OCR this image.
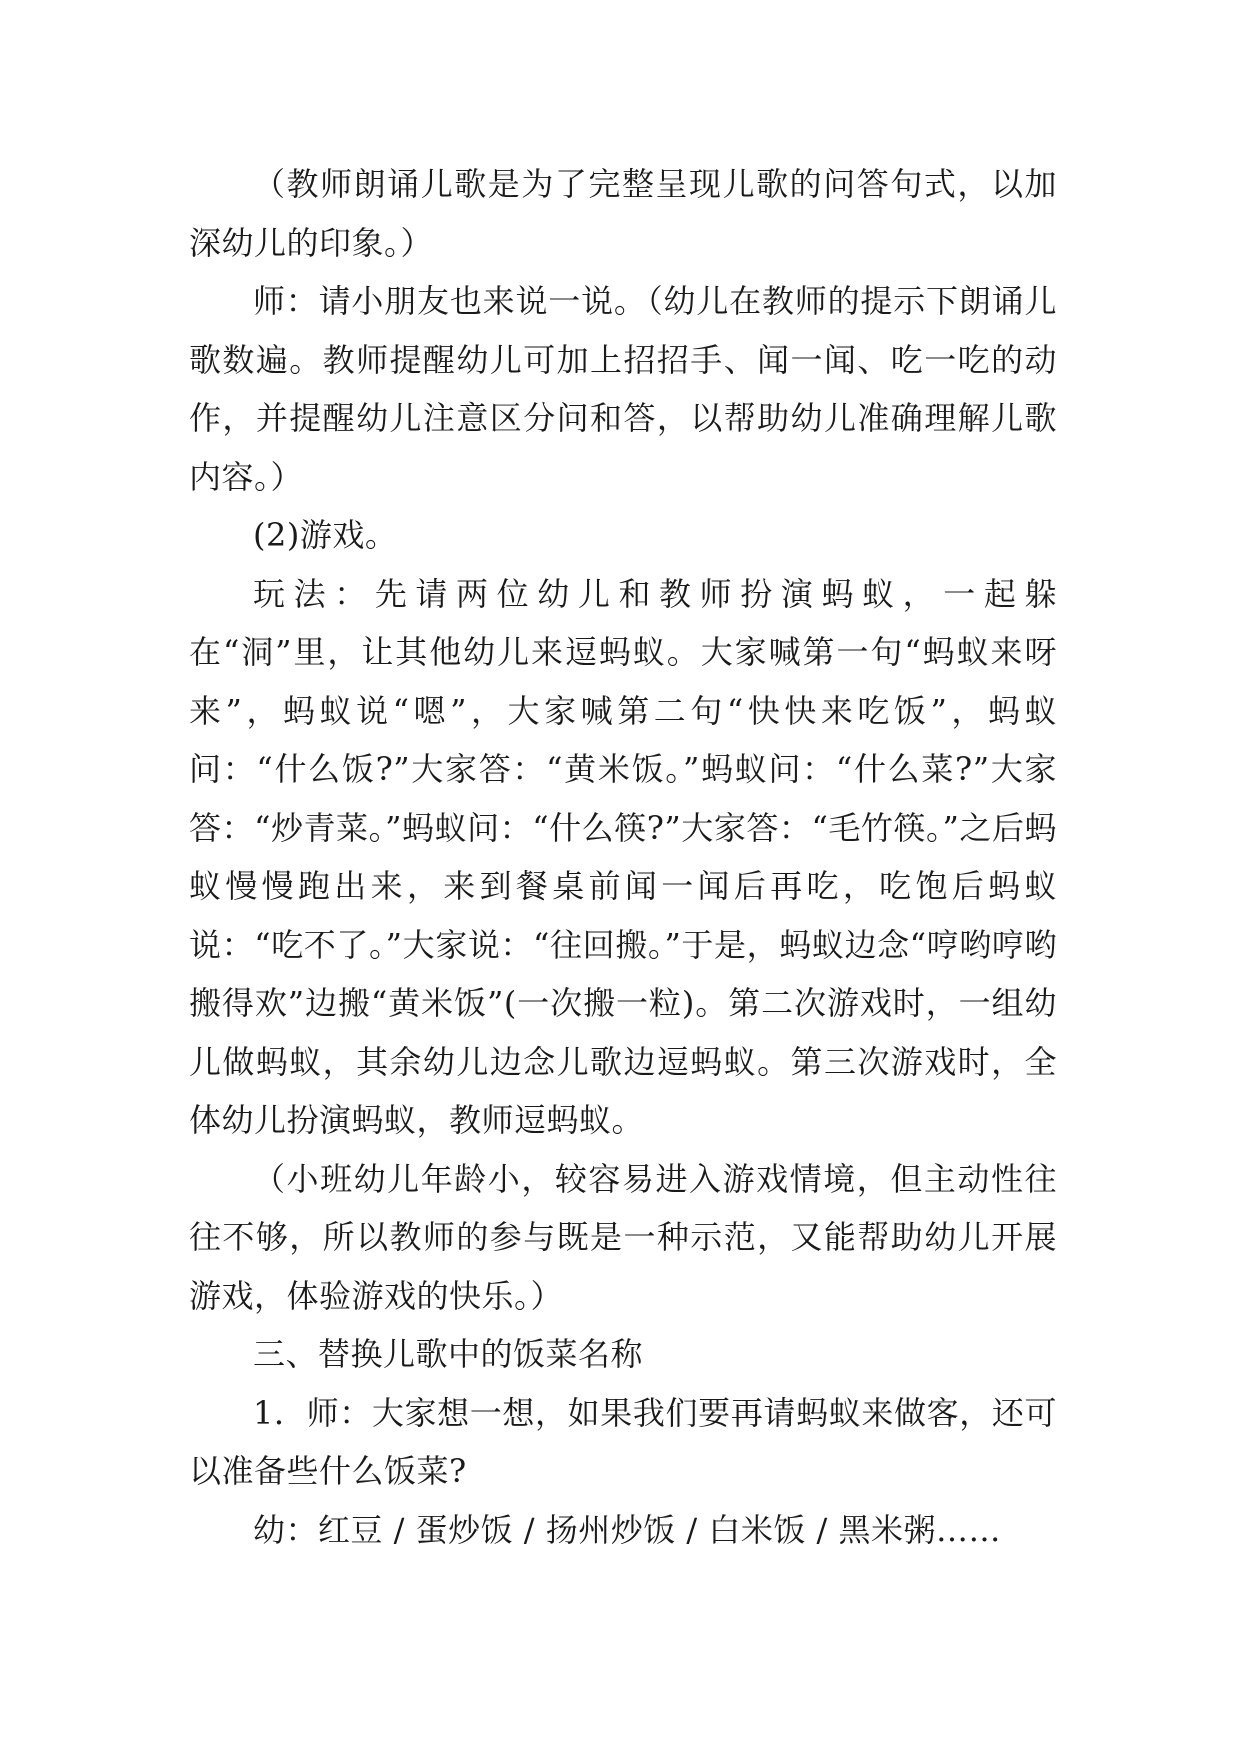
（教师朗诵儿歌是为了完整呈现儿歌的问答句式，以加深幼儿的印象。）

师：请小朋友也来说一说。（幼儿在教师的提示下朗诵儿歌数遍。教师提醒幼儿可加上招招手、闻一闻、吃一吃的动作，并提醒幼儿注意区分问和答，以帮助幼儿准确理解儿歌内容。）

(2)游戏。

玩法：先请两位幼儿和教师扮演蚂蚁，一起躲在“洞”里，让其他幼儿来逗蚂蚁。大家喊第一句“蚂蚁来呀来”，蚂蚁说“嗯”，大家喊第二句“快快来吃饭”，蚂蚁问：“什么饭?”大家答：“黄米饭。”蚂蚁问：“什么菜?”大家答：“炒青菜。”蚂蚁问：“什么筷?”大家答：“毛竹筷。”之后蚂蚁慢慢跑出来，来到餐桌前闻一闻后再吃，吃饱后蚂蚁说：“吃不了。”大家说：“往回搬。”于是，蚂蚁边念“哼哟哼哟搬得欢”边搬“黄米饭”(一次搬一粒)。第二次游戏时，一组幼儿做蚂蚁，其余幼儿边念儿歌边逗蚂蚁。第三次游戏时，全体幼儿扮演蚂蚁，教师逗蚂蚁。

（小班幼儿年龄小，较容易进入游戏情境，但主动性往往不够，所以教师的参与既是一种示范，又能帮助幼儿开展游戏，体验游戏的快乐。）

三、替换儿歌中的饭菜名称

1．师：大家想一想，如果我们要再请蚂蚁来做客，还可以准备些什么饭菜?

幼：红豆 / 蛋炒饭 / 扬州炒饭 / 白米饭 / 黑米粥……
